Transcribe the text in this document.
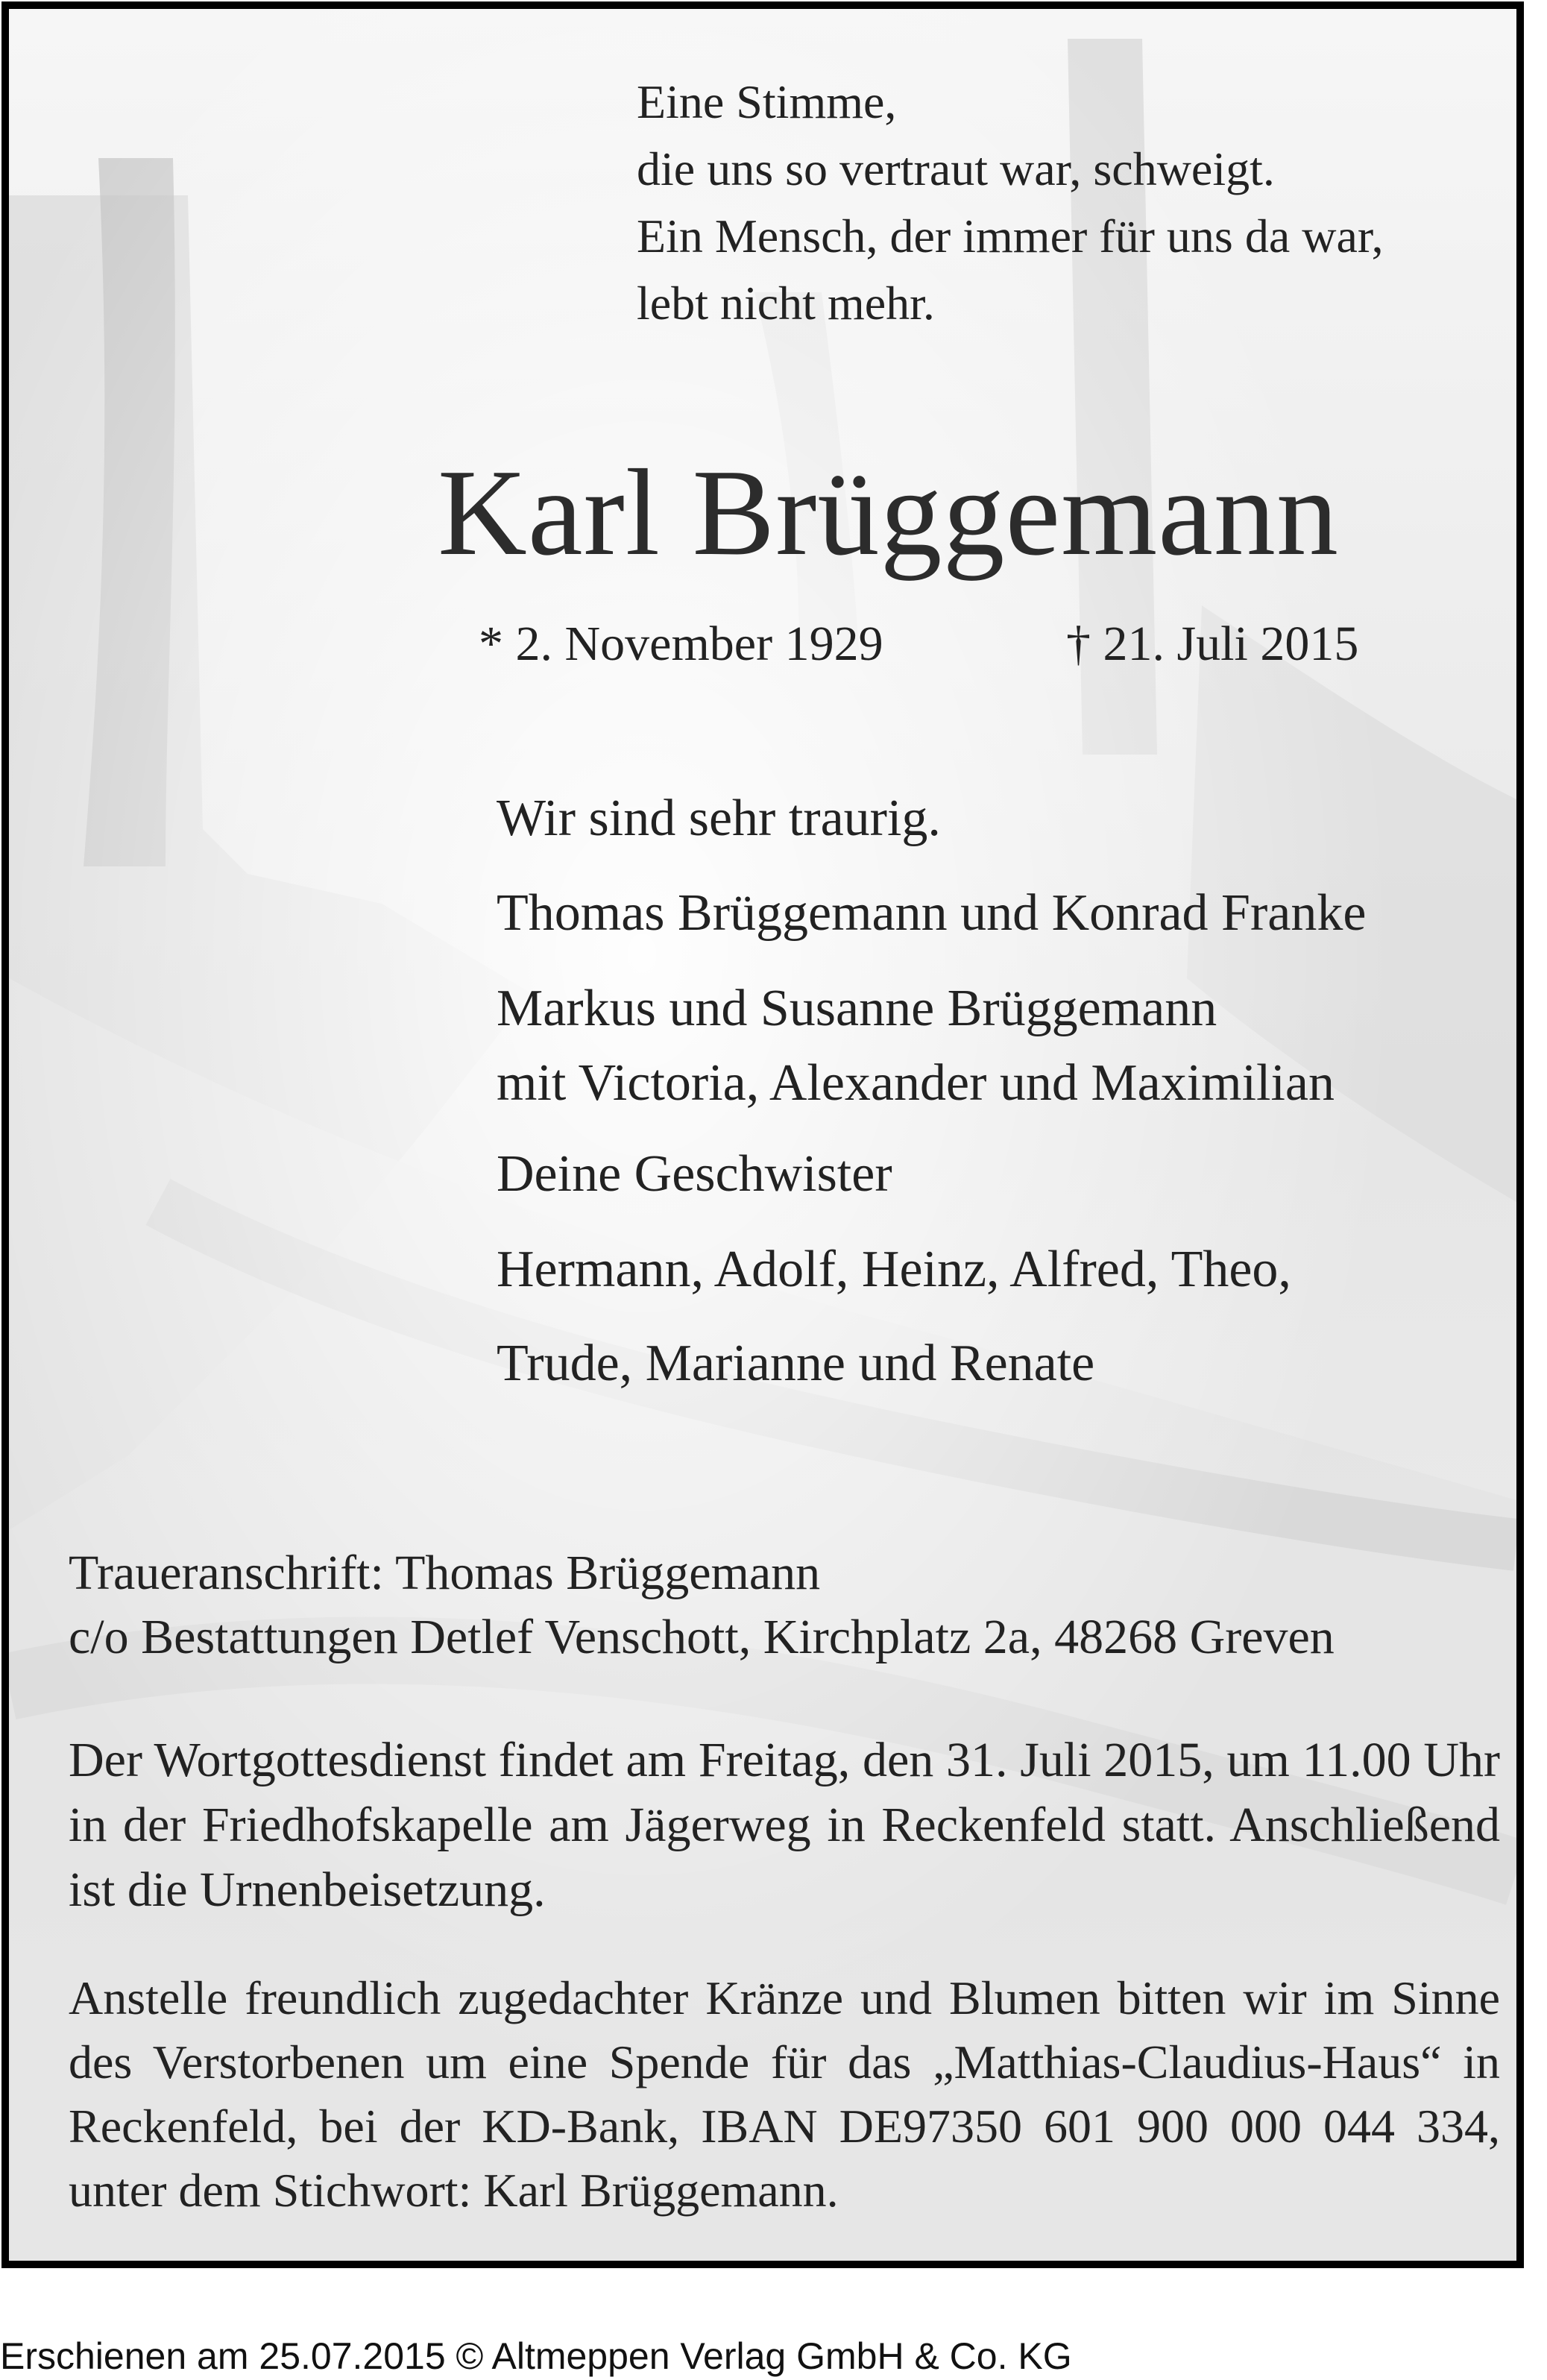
Eine Stimme,
die uns so vertraut war, schweigt.
Ein Mensch, der immer für uns da war,
lebt nicht mehr.
Karl Brüggemann
* 2. November 1929	† 21. Juli 2015
Wir sind sehr traurig.
Thomas Brüggemann und Konrad Franke
Markus und Susanne Brüggemann
mit Victoria, Alexander und Maximilian
Deine Geschwister
Hermann, Adolf, Heinz, Alfred, Theo,
Trude, Marianne und Renate
Traueranschrift: Thomas Brüggemann
c/o Bestattungen Detlef Venschott, Kirchplatz 2a, 48268 Greven

Der Wortgottesdienst findet am Freitag, den 31. Juli 2015, um 11.00 Uhr in der Friedhofskapelle am Jägerweg in Reckenfeld statt. Anschließend ist die Urnenbeisetzung.

Anstelle freundlich zugedachter Kränze und Blumen bitten wir im Sinne des Verstorbenen um eine Spende für das „Matthias-Claudius-Haus“ in Reckenfeld, bei der KD-Bank, IBAN DE97350 601 900 000 044 334, unter dem Stichwort: Karl Brüggemann.

Erschienen am 25.07.2015 © Altmeppen Verlag GmbH & Co. KG
